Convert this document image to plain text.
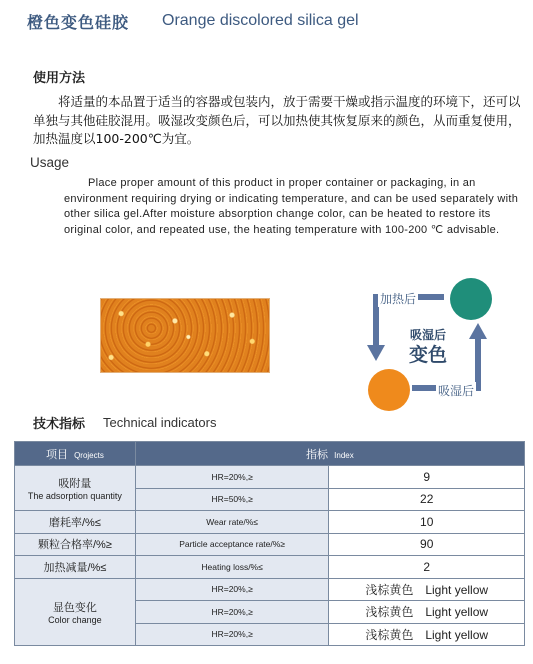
橙色变色硅胶 Orange discolored silica gel
使用方法
　　将适量的本品置于适当的容器或包装内，放于需要干燥或指示温度的环境下，还可以单独与其他硅胶混用。吸湿改变颜色后，可以加热使其恢复原来的颜色，从而重复使用，加热温度以100-200℃为宜。
Usage
Place proper amount of this product in proper container or packaging, in an environment requiring drying or indicating temperature, and can be used separately with other silica gel.After moisture absorption change color, can be heated to restore its original color, and repeated use, the heating temperature with 100-200 ℃ advisable.
加热后
吸湿后
变色
吸湿后
技术指标 Technical indicators
项目 Qrojects	指标 Index	
吸附量
The adsorption quantity	HR=20%,≥	9
	HR=50%,≥	22
磨耗率/%≤	Wear rate/%≤	10
颗粒合格率/%≥	Particle acceptance rate/%≥	90
加热减量/%≤	Heating loss/%≤	2
显色变化
Color change	HR=20%,≥	浅棕黄色　Light yellow
	HR=20%,≥	浅棕黄色　Light yellow
	HR=20%,≥	浅棕黄色　Light yellow
